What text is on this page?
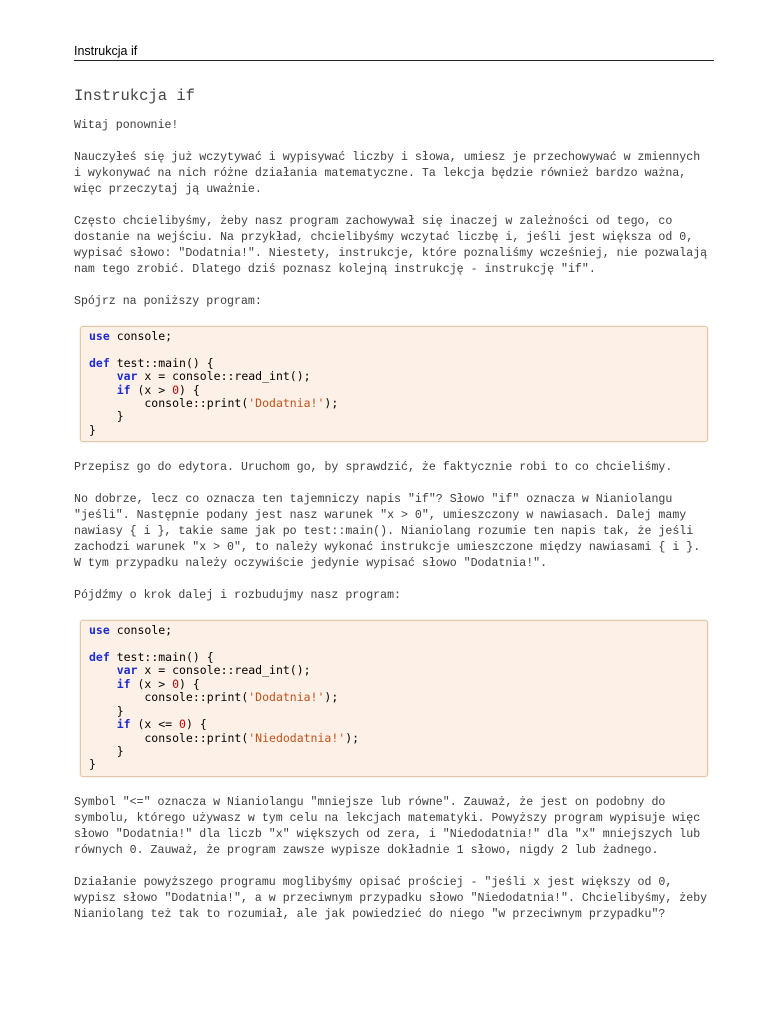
Instrukcja if
Instrukcja if

Witaj ponownie!

Nauczyłeś się już wczytywać i wypisywać liczby i słowa, umiesz je przechowywać w zmiennych i wykonywać na nich różne działania matematyczne. Ta lekcja będzie również bardzo ważna, więc przeczytaj ją uważnie.

Często chcielibyśmy, żeby nasz program zachowywał się inaczej w zależności od tego, co dostanie na wejściu. Na przykład, chcielibyśmy wczytać liczbę i, jeśli jest większa od 0, wypisać słowo: "Dodatnia!". Niestety, instrukcje, które poznaliśmy wcześniej, nie pozwalają nam tego zrobić. Dlatego dziś poznasz kolejną instrukcję - instrukcję "if".

Spójrz na poniższy program:

use console;

def test::main() {
var x = console::read_int();
if (x > 0) {
console::print('Dodatnia!');
}
}

Przepisz go do edytora. Uruchom go, by sprawdzić, że faktycznie robi to co chcieliśmy.

No dobrze, lecz co oznacza ten tajemniczy napis "if"? Słowo "if" oznacza w Nianiolangu "jeśli". Następnie podany jest nasz warunek "x > 0", umieszczony w nawiasach. Dalej mamy nawiasy { i }, takie same jak po test::main(). Nianiolang rozumie ten napis tak, że jeśli zachodzi warunek "x > 0", to należy wykonać instrukcje umieszczone między nawiasami { i }. W tym przypadku należy oczywiście jedynie wypisać słowo "Dodatnia!".

Pójdźmy o krok dalej i rozbudujmy nasz program:

use console;

def test::main() {
var x = console::read_int();
if (x > 0) {
console::print('Dodatnia!');
}
if (x <= 0) {
console::print('Niedodatnia!');
}
}

Symbol "<=" oznacza w Nianiolangu "mniejsze lub równe". Zauważ, że jest on podobny do symbolu, którego używasz w tym celu na lekcjach matematyki. Powyższy program wypisuje więc słowo "Dodatnia!" dla liczb "x" większych od zera, i "Niedodatnia!" dla "x" mniejszych lub równych 0. Zauważ, że program zawsze wypisze dokładnie 1 słowo, nigdy 2 lub żadnego.

Działanie powyższego programu moglibyśmy opisać prościej - "jeśli x jest większy od 0, wypisz słowo "Dodatnia!", a w przeciwnym przypadku słowo "Niedodatnia!". Chcielibyśmy, żeby Nianiolang też tak to rozumiał, ale jak powiedzieć do niego "w przeciwnym przypadku"?
